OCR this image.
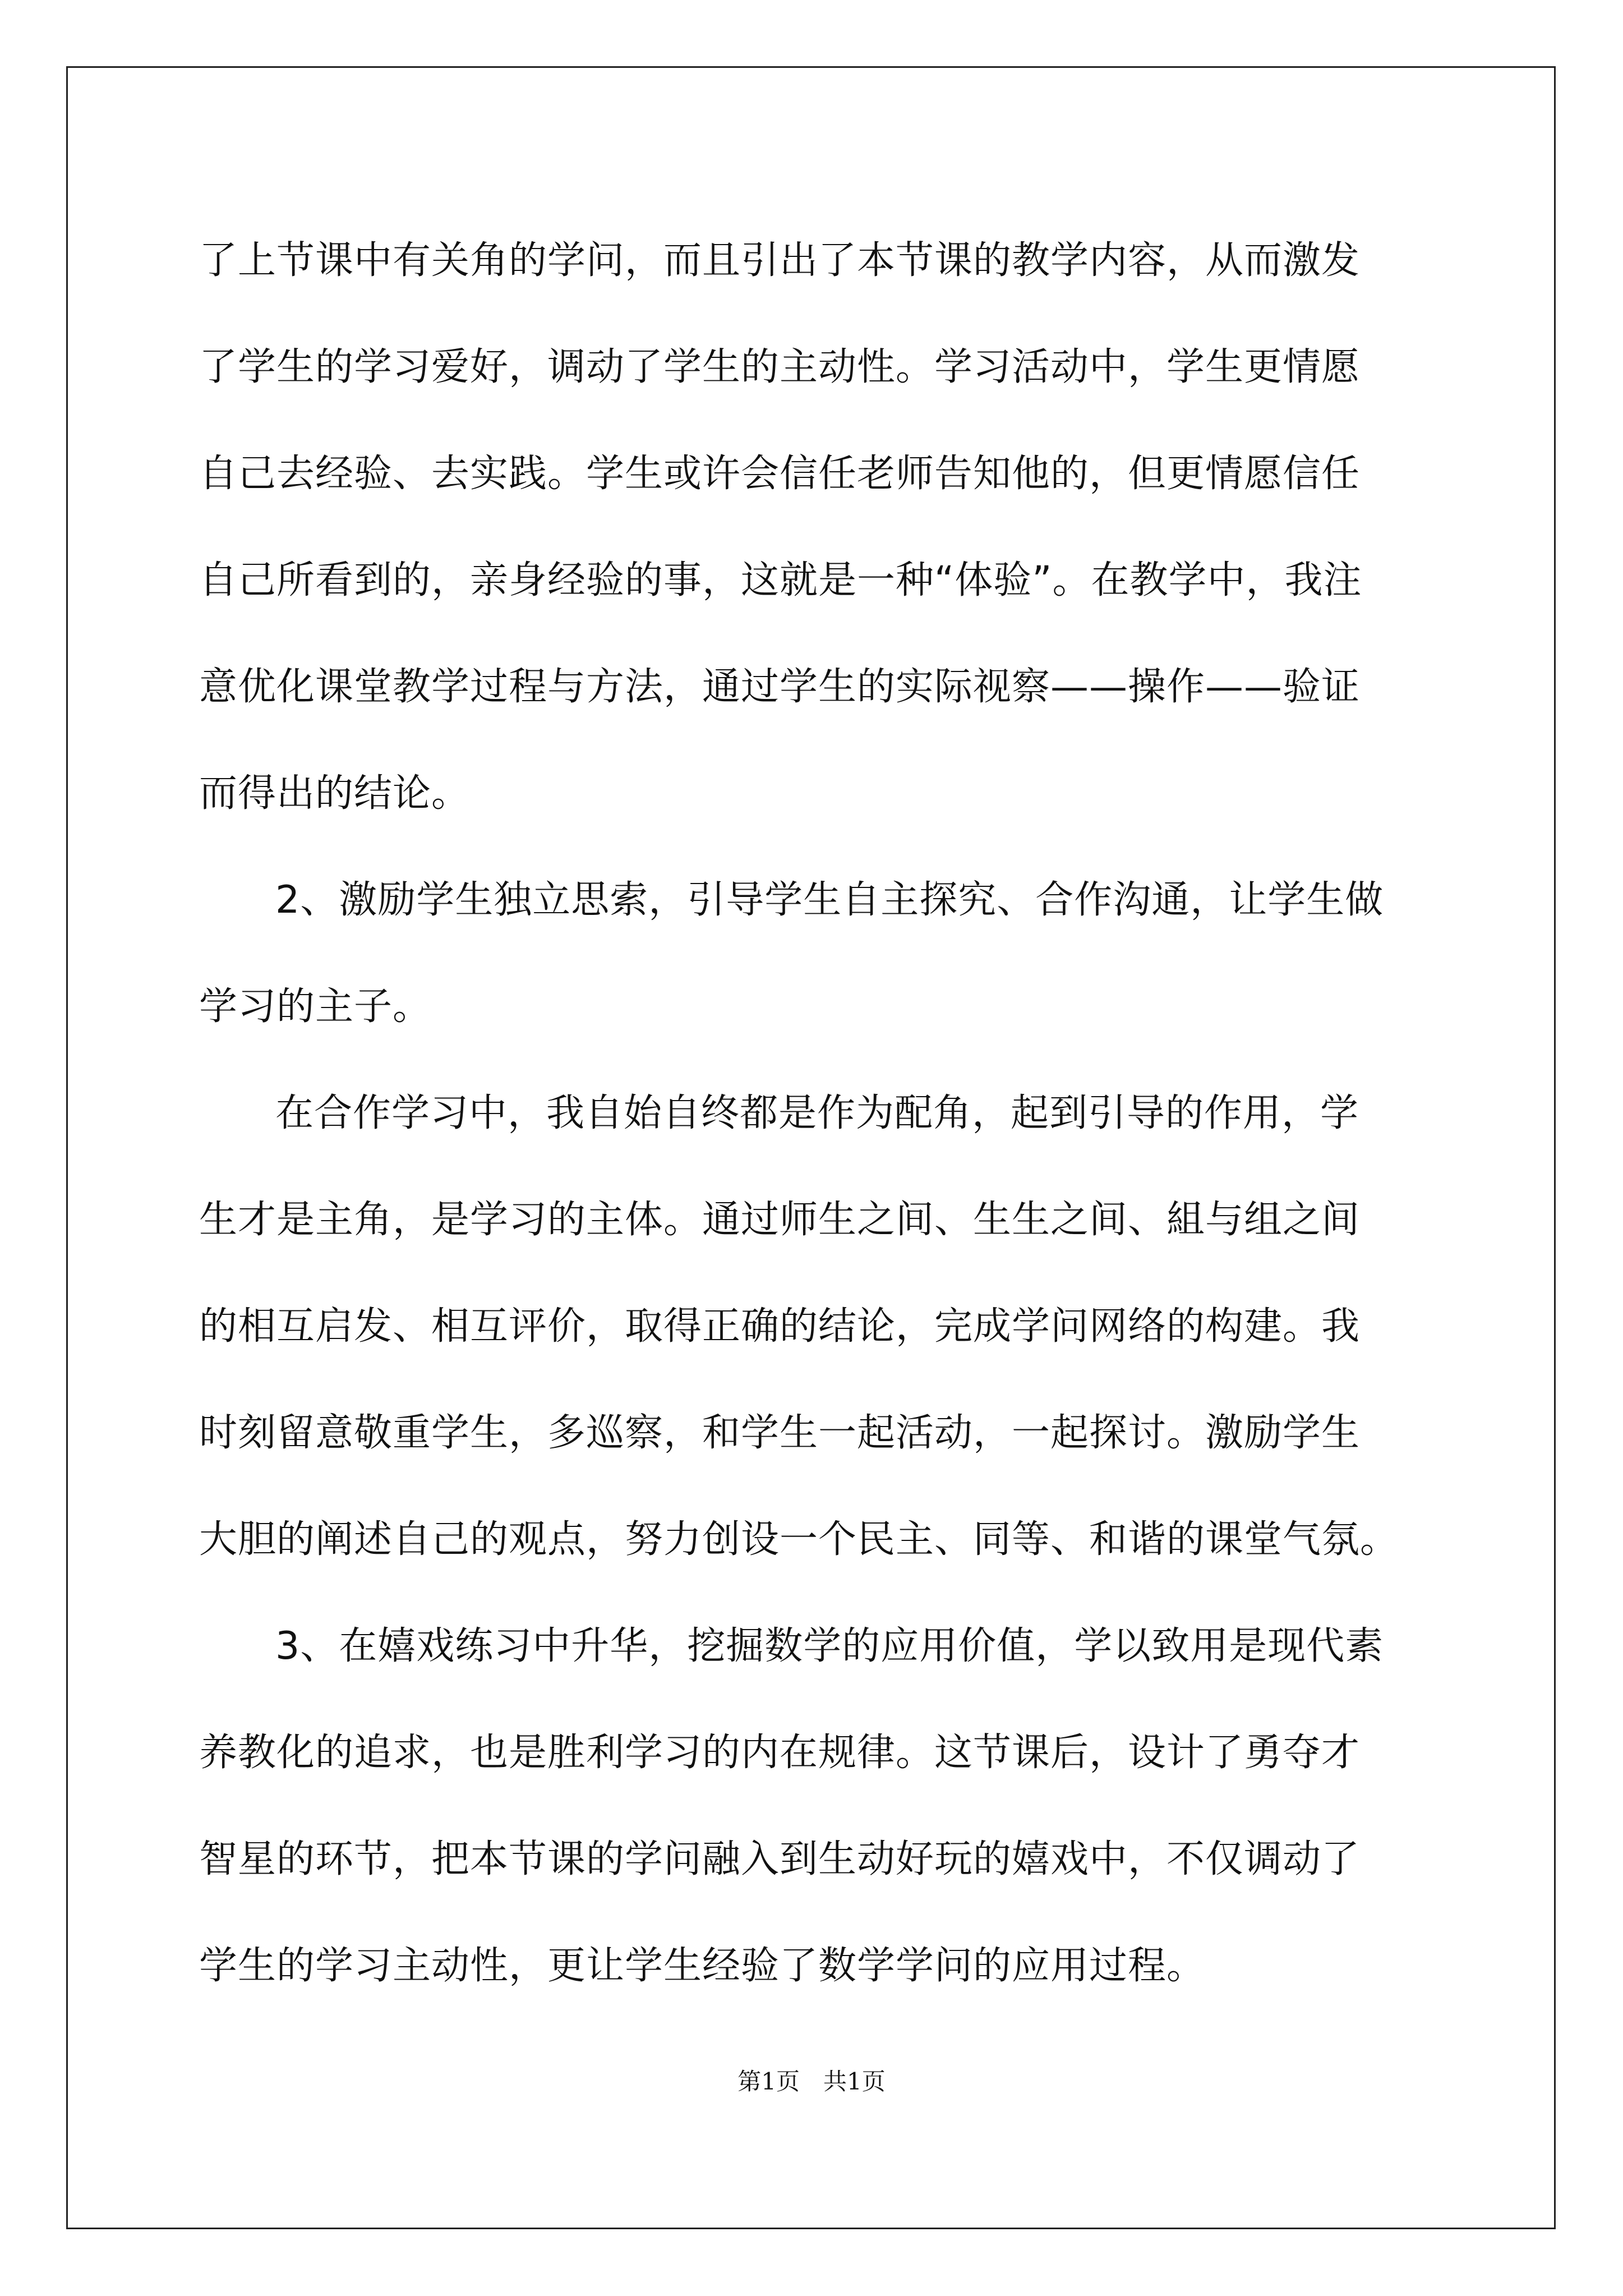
了上节课中有关角的学问，而且引出了本节课的教学内容，从而激发
了学生的学习爱好，调动了学生的主动性。学习活动中，学生更情愿
自己去经验、去实践。学生或许会信任老师告知他的，但更情愿信任
自己所看到的，亲身经验的事，这就是一种“体验”。在教学中，我注
意优化课堂教学过程与方法，通过学生的实际视察——操作——验证
而得出的结论。
2、激励学生独立思索，引导学生自主探究、合作沟通，让学生做
学习的主子。
在合作学习中，我自始自终都是作为配角，起到引导的作用，学
生才是主角，是学习的主体。通过师生之间、生生之间、組与组之间
的相互启发、相互评价，取得正确的结论，完成学问网络的构建。我
时刻留意敬重学生，多巡察，和学生一起活动，一起探讨。激励学生
大胆的阐述自己的观点，努力创设一个民主、同等、和谐的课堂气氛。
3、在嬉戏练习中升华，挖掘数学的应用价值，学以致用是现代素
养教化的追求，也是胜利学习的内在规律。这节课后，设计了勇夺才
智星的环节，把本节课的学问融入到生动好玩的嬉戏中，不仅调动了
学生的学习主动性，更让学生经验了数学学问的应用过程。
第1页　共1页
